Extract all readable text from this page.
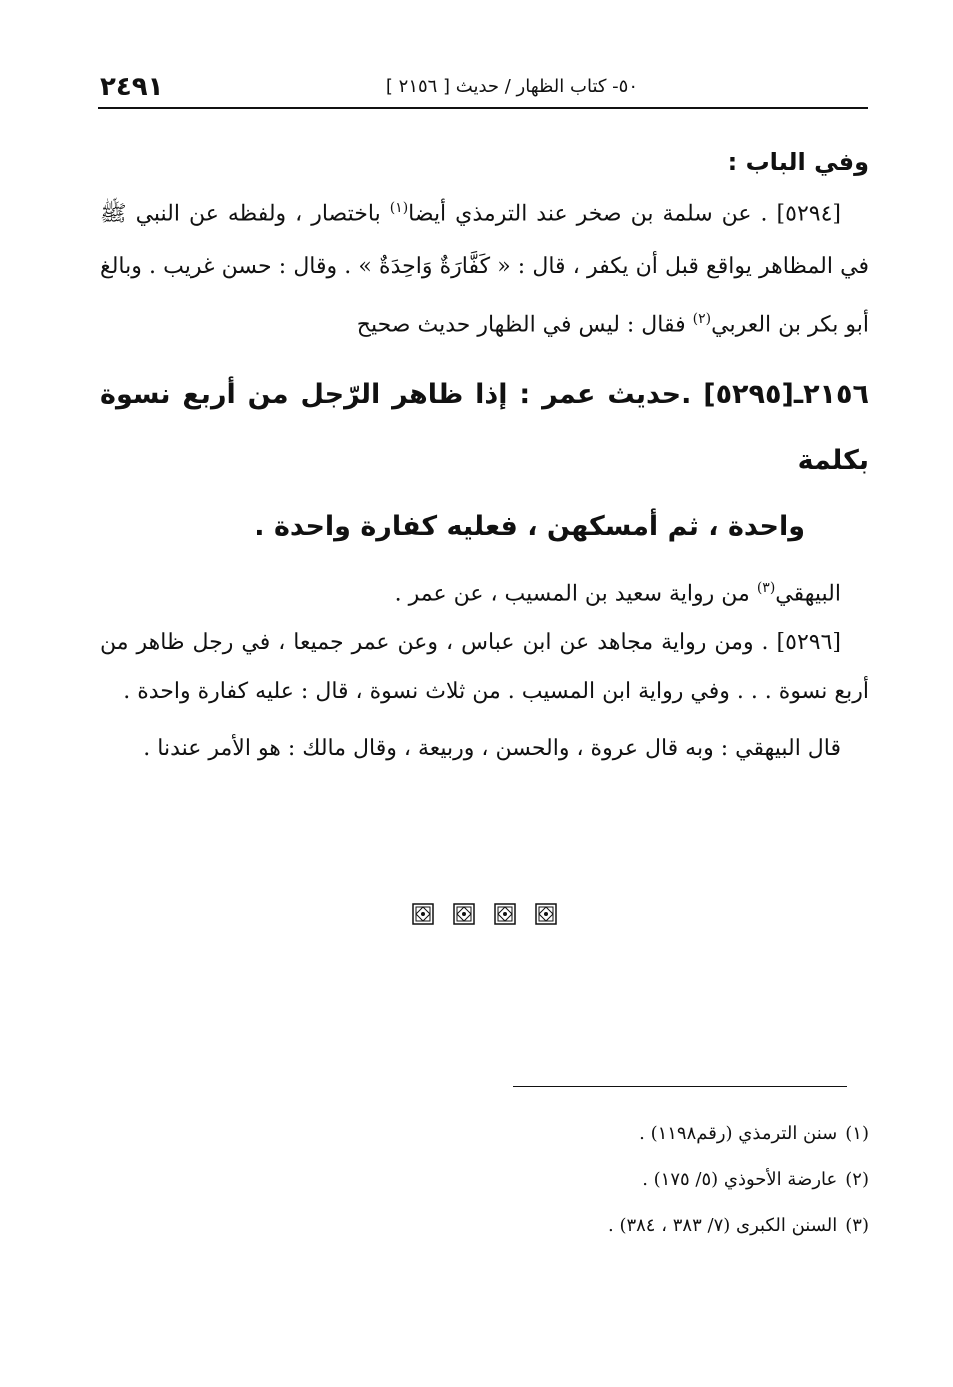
٢٤٩١	٥٠- كتاب الظهار / حديث [ ٢١٥٦ ]
وفي الباب :

[٥٢٩٤] . عن سلمة بن صخر عند الترمذي أيضا$^{(١)}$ باختصار ، ولفظه عن النبي ﷺ في المظاهر يواقع قبل أن يكفر ، قال : « كَفَّارَةٌ وَاحِدَةٌ » . وقال : حسن غريب . وبالغ أبو بكر بن العربي$^{(٢)}$ فقال : ليس في الظهار حديث صحيح

٢١٥٦ـ[٥٢٩٥] .حديث عمر : إذا ظاهر الرّجل من أربع نسوة بكلمة
واحدة ، ثم أمسكهن ، فعليه كفارة واحدة .

البيهقي$^{(٣)}$ من رواية سعيد بن المسيب ، عن عمر .

[٥٢٩٦] . ومن رواية مجاهد عن ابن عباس ، وعن عمر جميعا ، في رجل ظاهر من أربع نسوة . . . وفي رواية ابن المسيب . من ثلاث نسوة ، قال : عليه كفارة واحدة .

قال البيهقي : وبه قال عروة ، والحسن ، وربيعة ، وقال مالك : هو الأمر عندنا .

(١)سنن الترمذي (رقم١١٩٨) .
(٢)عارضة الأحوذي (٥/ ١٧٥) .
(٣)السنن الكبرى (٧/ ٣٨٣ ، ٣٨٤) .
